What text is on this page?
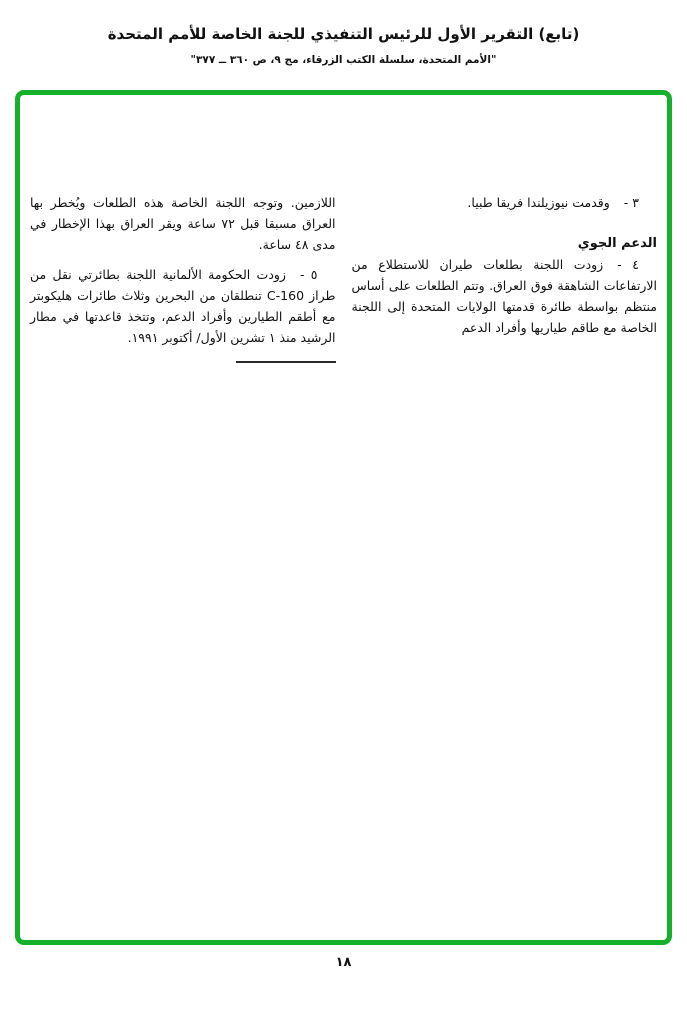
(تابع) التقرير الأول للرئيس التنفيذي للجنة الخاصة للأمم المتحدة
"الأمم المتحدة، سلسلة الكتب الزرقاء، مج ٩، ص ٣٦٠ ــ ٣٧٧"

٣ -وقدمت نيوزيلندا فريقا طبيا.

الدعم الجوي

٤ -زودت اللجنة بطلعات طيران للاستطلاع من الارتفاعات الشاهقة فوق العراق. وتتم الطلعات على أساس منتظم بواسطة طائرة قدمتها الولايات المتحدة إلى اللجنة الخاصة مع طاقم طياريها وأفراد الدعم

اللازمين. وتوجه اللجنة الخاصة هذه الطلعات ويُخطر بها العراق مسبقا قبل ٧٢ ساعة ويقر العراق بهذا الإخطار في مدى ٤٨ ساعة.

٥ -زودت الحكومة الألمانية اللجنة بطائرتي نقل من طراز C-160 تنطلقان من البحرين وثلاث طائرات هليكوبتر مع أطقم الطيارين وأفراد الدعم، وتتخذ قاعدتها في مطار الرشيد منذ ١ تشرين الأول/ أكتوبر ١٩٩١.

١٨
